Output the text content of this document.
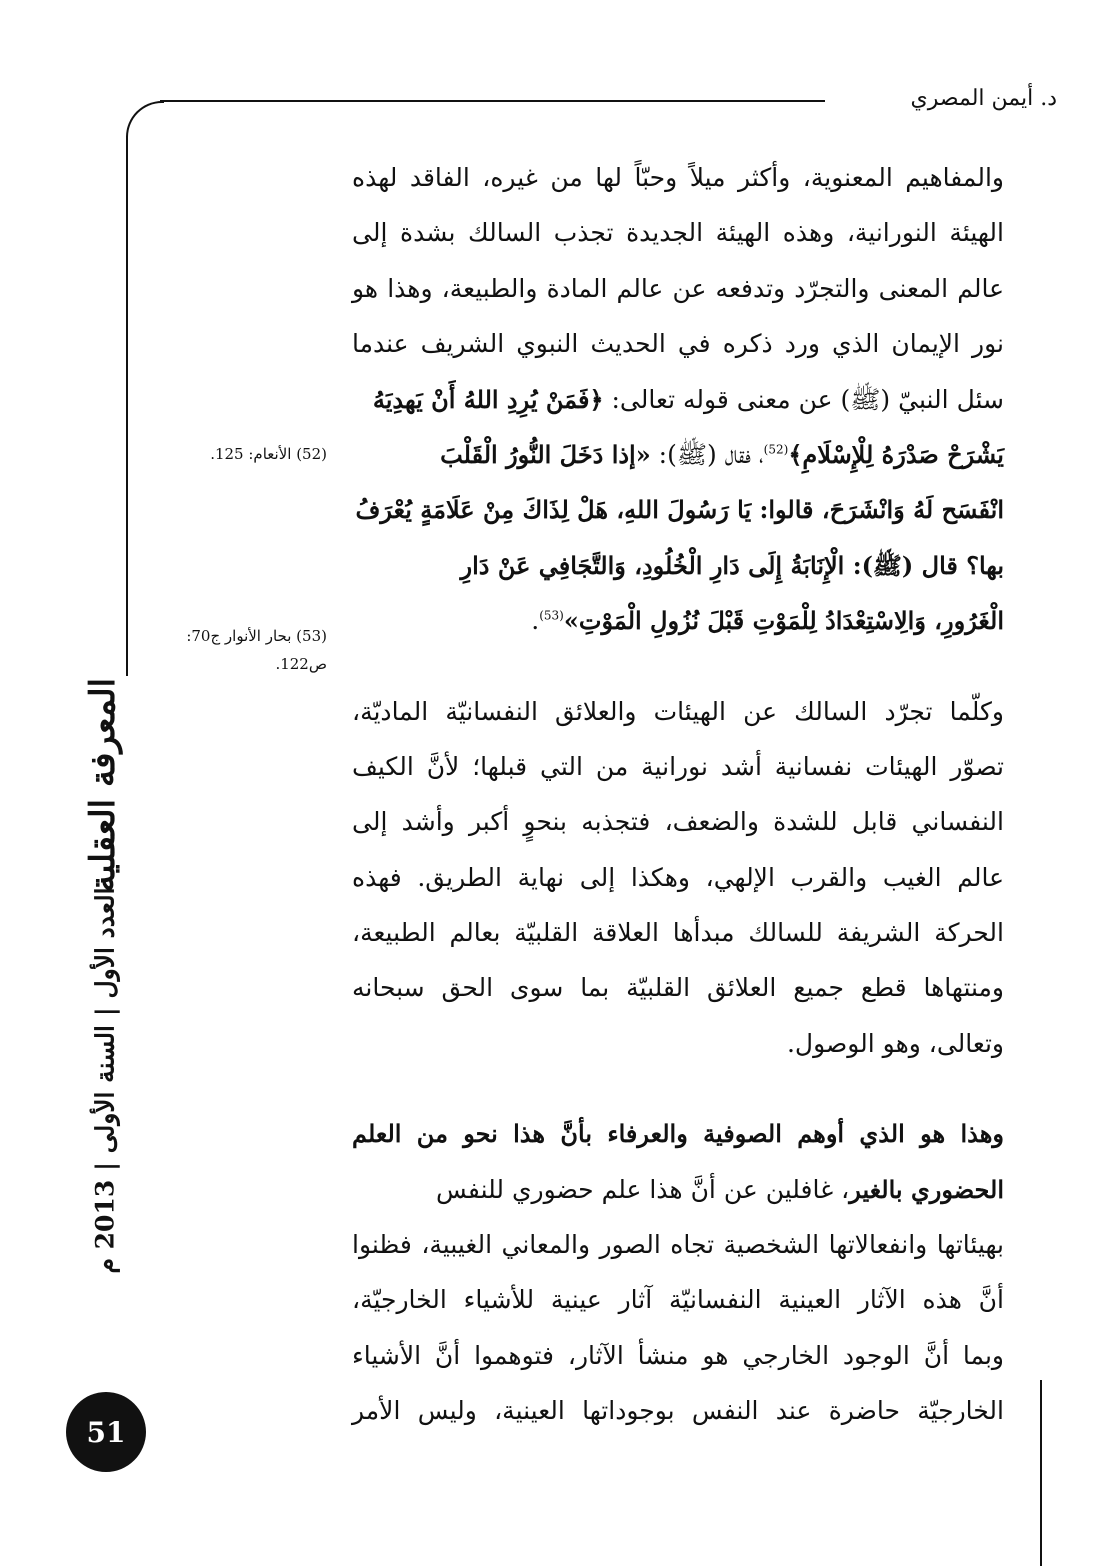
د. أيمن المصري
والمفاهيم المعنوية، وأكثر ميلاً وحبّاً لها من غيره، الفاقد لهذه
الهيئة النورانية، وهذه الهيئة الجديدة تجذب السالك بشدة إلى
عالم المعنى والتجرّد وتدفعه عن عالم المادة والطبيعة، وهذا هو
نور الإيمان الذي ورد ذكره في الحديث النبوي الشريف عندما
سئل النبيّ (ﷺ) عن معنى قوله تعالى: ﴿فَمَنْ يُرِدِ اللهُ أَنْ يَهدِيَهُ
يَشْرَحْ صَدْرَهُ لِلْإِسْلَامِ﴾$^{(52)}$، فقال (ﷺ): «إذا دَخَلَ النُّورُ الْقَلْبَ
انْفَسَح لَهُ وَانْشَرَحَ، قالوا: يَا رَسُولَ اللهِ، هَلْ لِذَاكَ مِنْ عَلَامَةٍ يُعْرَفُ
بها؟ قال (ﷺ): الْإِنَابَةُ إِلَى دَارِ الْخُلُودِ، وَالتَّجَافِي عَنْ دَارِ
الْغَرُورِ، وَالِاسْتِعْدَادُ لِلْمَوْتِ قَبْلَ نُزُولِ الْمَوْتِ»$^{(53)}$.
وكلّما تجرّد السالك عن الهيئات والعلائق النفسانيّة الماديّة،
تصوّر الهيئات نفسانية أشد نورانية من التي قبلها؛ لأنَّ الكيف
النفساني قابل للشدة والضعف، فتجذبه بنحوٍ أكبر وأشد إلى
عالم الغيب والقرب الإلهي، وهكذا إلى نهاية الطريق. فهذه
الحركة الشريفة للسالك مبدأها العلاقة القلبيّة بعالم الطبيعة،
ومنتهاها قطع جميع العلائق القلبيّة بما سوى الحق سبحانه
وتعالى، وهو الوصول.
وهذا هو الذي أوهم الصوفية والعرفاء بأنَّ هذا نحو من العلم
الحضوري بالغير، غافلين عن أنَّ هذا علم حضوري للنفس
بهيئاتها وانفعالاتها الشخصية تجاه الصور والمعاني الغيبية، فظنوا
أنَّ هذه الآثار العينية النفسانيّة آثار عينية للأشياء الخارجيّة،
وبما أنَّ الوجود الخارجي هو منشأ الآثار، فتوهموا أنَّ الأشياء
الخارجيّة حاضرة عند النفس بوجوداتها العينية، وليس الأمر
(52) الأنعام: 125.
(53) بحار الأنوار ج70:
ص122.
المعرفة العقلية
العدد الأول | السنة الأولى | 2013 م
51
